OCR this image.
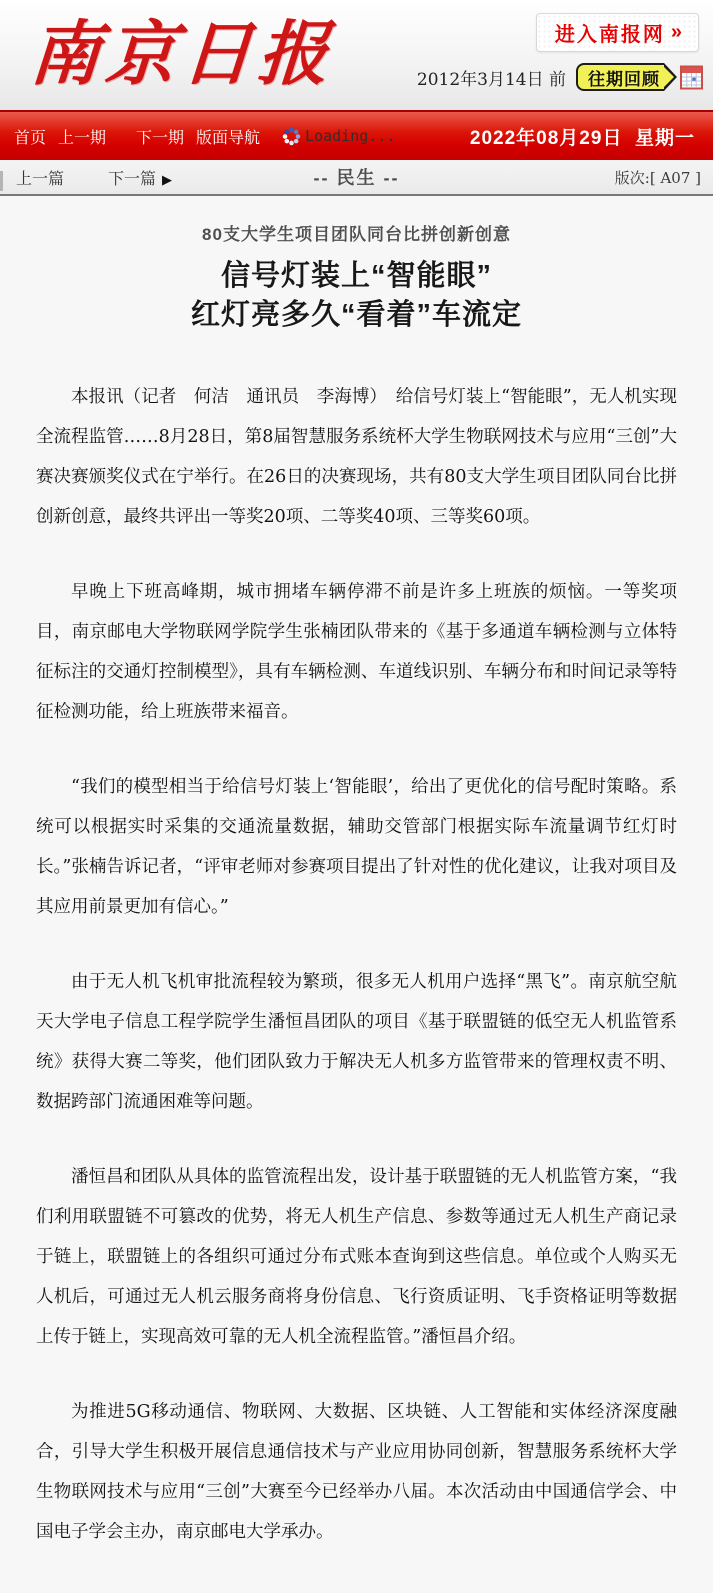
南京日报	进入南报网 »
2012年3月14日 前 往期回顾
首页 上一期 下一期 版面导航	Loading...	2022年08月29日  星期一
上一篇	下一篇 ▶	-- 民生 --	版次:[ A07 ]
80支大学生项目团队同台比拼创新创意
信号灯装上“智能眼”
红灯亮多久“看着”车流定

本报讯（记者　何洁　通讯员　李海博）　给信号灯装上“智能眼”，无人机实现全流程监管……8月28日，第8届智慧服务系统杯大学生物联网技术与应用“三创”大赛决赛颁奖仪式在宁举行。在26日的决赛现场，共有80支大学生项目团队同台比拼创新创意，最终共评出一等奖20项、二等奖40项、三等奖60项。

早晚上下班高峰期，城市拥堵车辆停滞不前是许多上班族的烦恼。一等奖项目，南京邮电大学物联网学院学生张楠团队带来的《基于多通道车辆检测与立体特征标注的交通灯控制模型》，具有车辆检测、车道线识别、车辆分布和时间记录等特征检测功能，给上班族带来福音。

“我们的模型相当于给信号灯装上‘智能眼’，给出了更优化的信号配时策略。系统可以根据实时采集的交通流量数据，辅助交管部门根据实际车流量调节红灯时长。”张楠告诉记者，“评审老师对参赛项目提出了针对性的优化建议，让我对项目及其应用前景更加有信心。”

由于无人机飞机审批流程较为繁琐，很多无人机用户选择“黑飞”。南京航空航天大学电子信息工程学院学生潘恒昌团队的项目《基于联盟链的低空无人机监管系统》获得大赛二等奖，他们团队致力于解决无人机多方监管带来的管理权责不明、数据跨部门流通困难等问题。

潘恒昌和团队从具体的监管流程出发，设计基于联盟链的无人机监管方案，“我们利用联盟链不可篡改的优势，将无人机生产信息、参数等通过无人机生产商记录于链上，联盟链上的各组织可通过分布式账本查询到这些信息。单位或个人购买无人机后，可通过无人机云服务商将身份信息、飞行资质证明、飞手资格证明等数据上传于链上，实现高效可靠的无人机全流程监管。”潘恒昌介绍。

为推进5G移动通信、物联网、大数据、区块链、人工智能和实体经济深度融合，引导大学生积极开展信息通信技术与产业应用协同创新，智慧服务系统杯大学生物联网技术与应用“三创”大赛至今已经举办八届。本次活动由中国通信学会、中国电子学会主办，南京邮电大学承办。
